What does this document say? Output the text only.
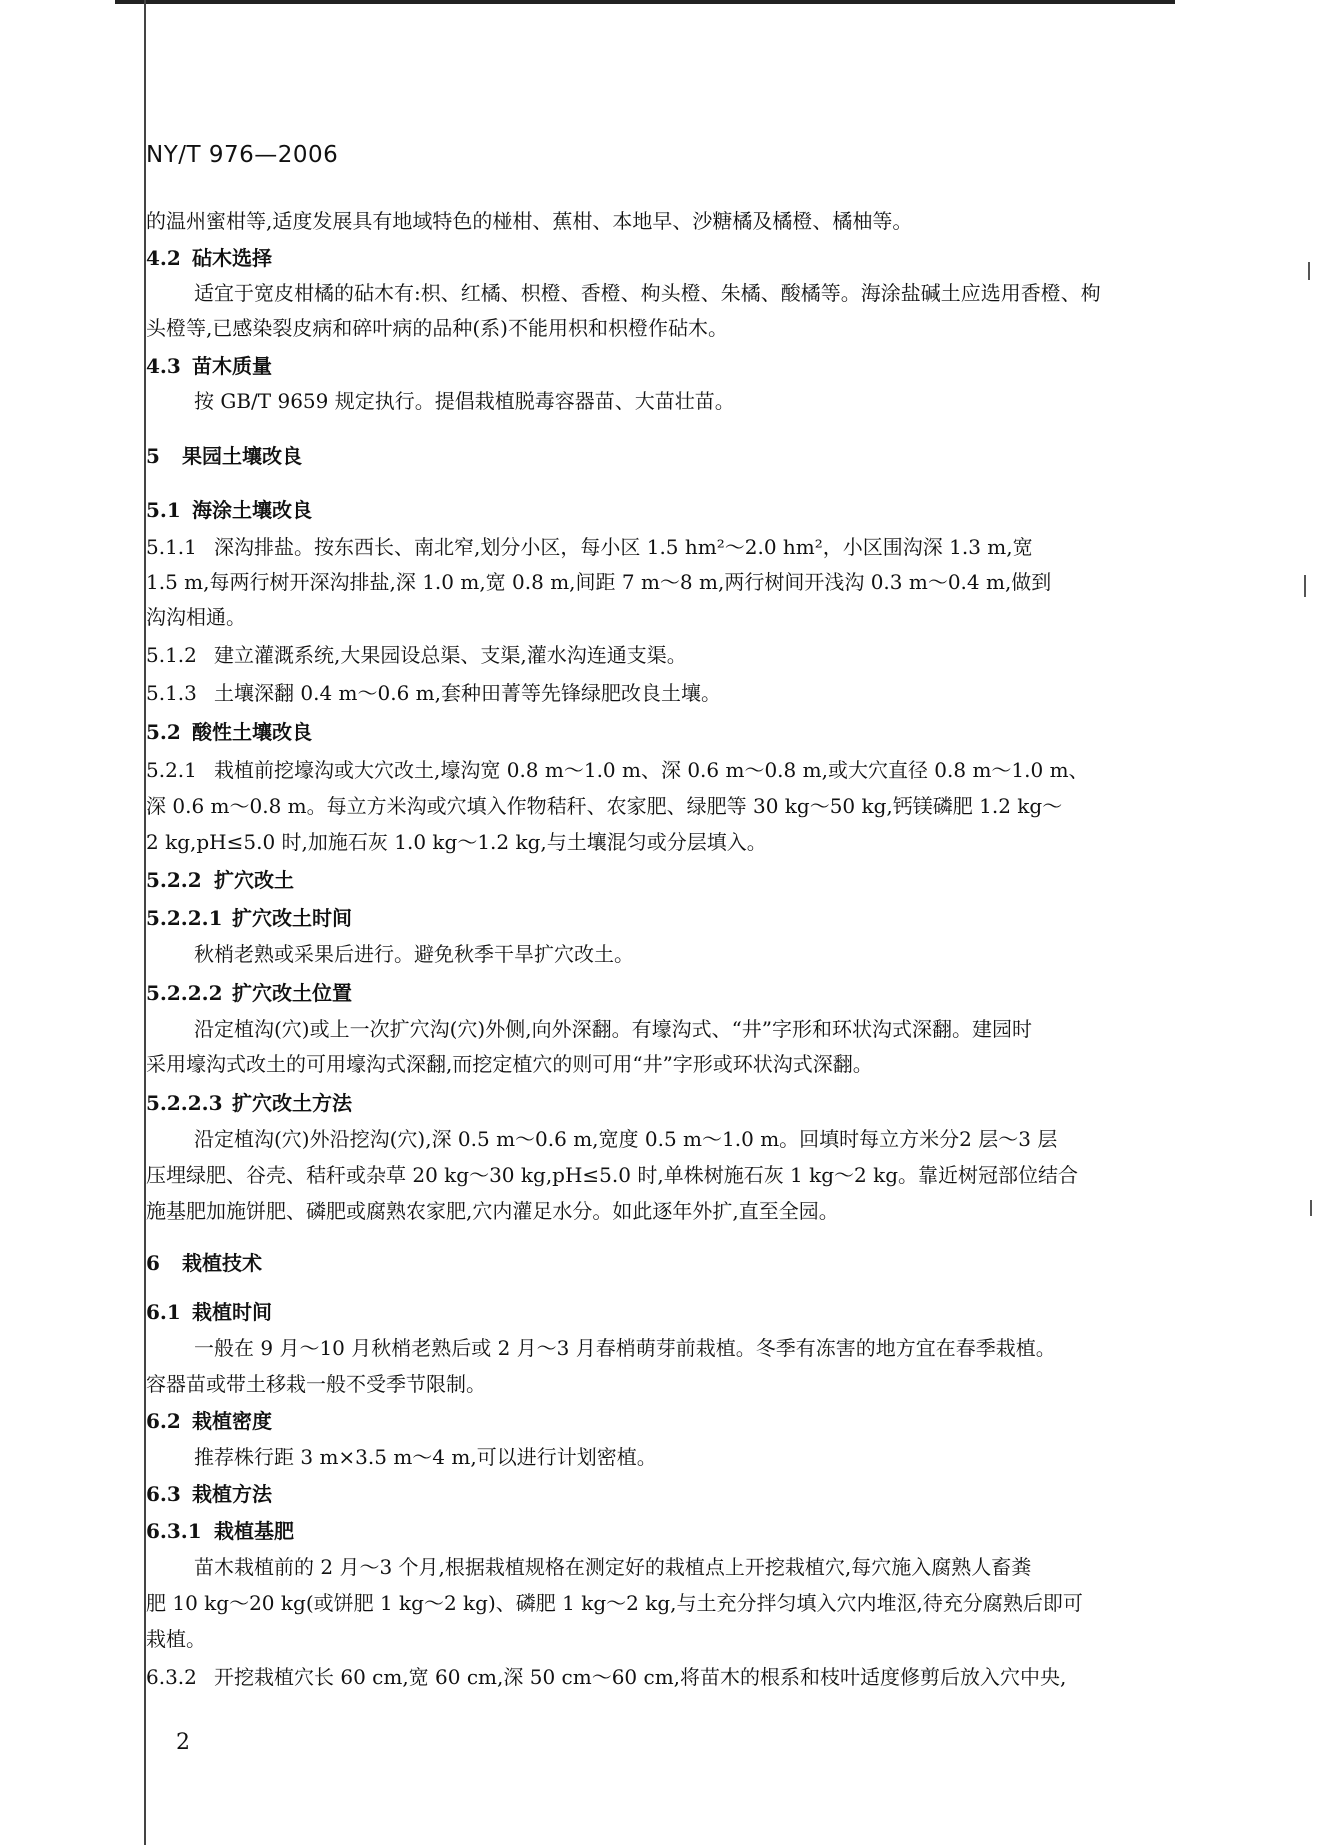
NY/T 976—2006
的温州蜜柑等,适度发展具有地域特色的椪柑、蕉柑、本地早、沙糖橘及橘橙、橘柚等。
4.2 砧木选择
适宜于宽皮柑橘的砧木有:枳、红橘、枳橙、香橙、枸头橙、朱橘、酸橘等。海涂盐碱土应选用香橙、枸
头橙等,已感染裂皮病和碎叶病的品种(系)不能用枳和枳橙作砧木。
4.3 苗木质量
按 GB/T 9659 规定执行。提倡栽植脱毒容器苗、大苗壮苗。
5 果园土壤改良
5.1 海涂土壤改良
5.1.1 深沟排盐。按东西长、南北窄,划分小区，每小区 1.5 hm²～2.0 hm²，小区围沟深 1.3 m,宽
1.5 m,每两行树开深沟排盐,深 1.0 m,宽 0.8 m,间距 7 m～8 m,两行树间开浅沟 0.3 m～0.4 m,做到
沟沟相通。
5.1.2 建立灌溉系统,大果园设总渠、支渠,灌水沟连通支渠。
5.1.3 土壤深翻 0.4 m～0.6 m,套种田菁等先锋绿肥改良土壤。
5.2 酸性土壤改良
5.2.1 栽植前挖壕沟或大穴改土,壕沟宽 0.8 m～1.0 m、深 0.6 m～0.8 m,或大穴直径 0.8 m～1.0 m、
深 0.6 m～0.8 m。每立方米沟或穴填入作物秸秆、农家肥、绿肥等 30 kg～50 kg,钙镁磷肥 1.2 kg～
2 kg,pH≤5.0 时,加施石灰 1.0 kg～1.2 kg,与土壤混匀或分层填入。
5.2.2 扩穴改土
5.2.2.1 扩穴改土时间
秋梢老熟或采果后进行。避免秋季干旱扩穴改土。
5.2.2.2 扩穴改土位置
沿定植沟(穴)或上一次扩穴沟(穴)外侧,向外深翻。有壕沟式、“井”字形和环状沟式深翻。建园时
采用壕沟式改土的可用壕沟式深翻,而挖定植穴的则可用“井”字形或环状沟式深翻。
5.2.2.3 扩穴改土方法
沿定植沟(穴)外沿挖沟(穴),深 0.5 m～0.6 m,宽度 0.5 m～1.0 m。回填时每立方米分2 层～3 层
压埋绿肥、谷壳、秸秆或杂草 20 kg～30 kg,pH≤5.0 时,单株树施石灰 1 kg～2 kg。靠近树冠部位结合
施基肥加施饼肥、磷肥或腐熟农家肥,穴内灌足水分。如此逐年外扩,直至全园。
6 栽植技术
6.1 栽植时间
一般在 9 月～10 月秋梢老熟后或 2 月～3 月春梢萌芽前栽植。冬季有冻害的地方宜在春季栽植。
容器苗或带土移栽一般不受季节限制。
6.2 栽植密度
推荐株行距 3 m×3.5 m～4 m,可以进行计划密植。
6.3 栽植方法
6.3.1 栽植基肥
苗木栽植前的 2 月～3 个月,根据栽植规格在测定好的栽植点上开挖栽植穴,每穴施入腐熟人畜粪
肥 10 kg～20 kg(或饼肥 1 kg～2 kg)、磷肥 1 kg～2 kg,与土充分拌匀填入穴内堆沤,待充分腐熟后即可
栽植。
6.3.2 开挖栽植穴长 60 cm,宽 60 cm,深 50 cm～60 cm,将苗木的根系和枝叶适度修剪后放入穴中央,
2
